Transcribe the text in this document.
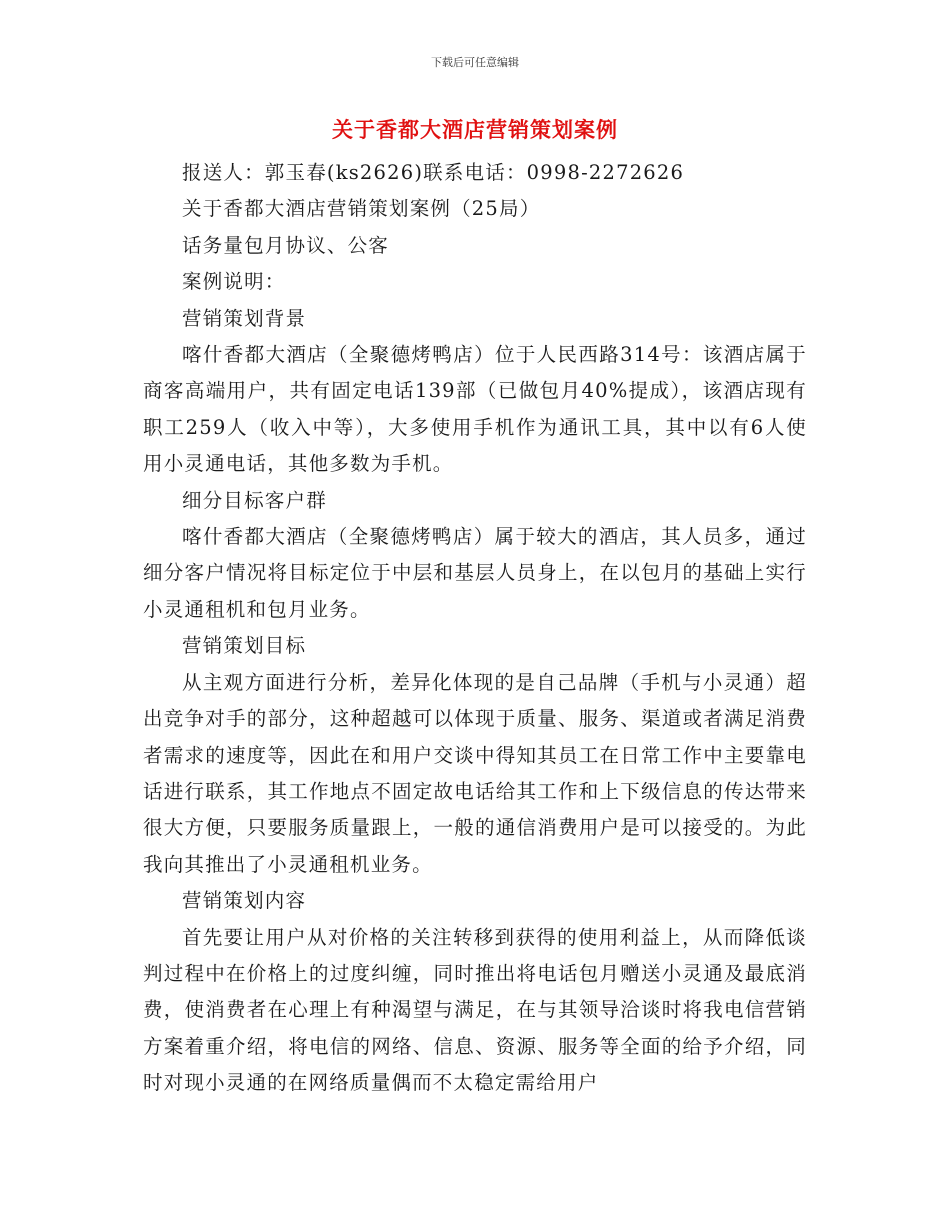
下载后可任意编辑
关于香都大酒店营销策划案例

报送人：郭玉春(ks2626)联系电话：0998-2272626

关于香都大酒店营销策划案例（25局）

话务量包月协议、公客

案例说明：

营销策划背景

喀什香都大酒店（全聚德烤鸭店）位于人民西路314号：该酒店属于商客高端用户，共有固定电话139部（已做包月40%提成），该酒店现有职工259人（收入中等），大多使用手机作为通讯工具，其中以有6人使用小灵通电话，其他多数为手机。

细分目标客户群

喀什香都大酒店（全聚德烤鸭店）属于较大的酒店，其人员多，通过细分客户情况将目标定位于中层和基层人员身上，在以包月的基础上实行小灵通租机和包月业务。

营销策划目标

从主观方面进行分析，差异化体现的是自己品牌（手机与小灵通）超出竞争对手的部分，这种超越可以体现于质量、服务、渠道或者满足消费者需求的速度等，因此在和用户交谈中得知其员工在日常工作中主要靠电话进行联系，其工作地点不固定故电话给其工作和上下级信息的传达带来很大方便，只要服务质量跟上，一般的通信消费用户是可以接受的。为此我向其推出了小灵通租机业务。

营销策划内容

首先要让用户从对价格的关注转移到获得的使用利益上，从而降低谈判过程中在价格上的过度纠缠，同时推出将电话包月赠送小灵通及最底消费，使消费者在心理上有种渴望与满足，在与其领导洽谈时将我电信营销方案着重介绍，将电信的网络、信息、资源、服务等全面的给予介绍，同时对现小灵通的在网络质量偶而不太稳定需给用户
